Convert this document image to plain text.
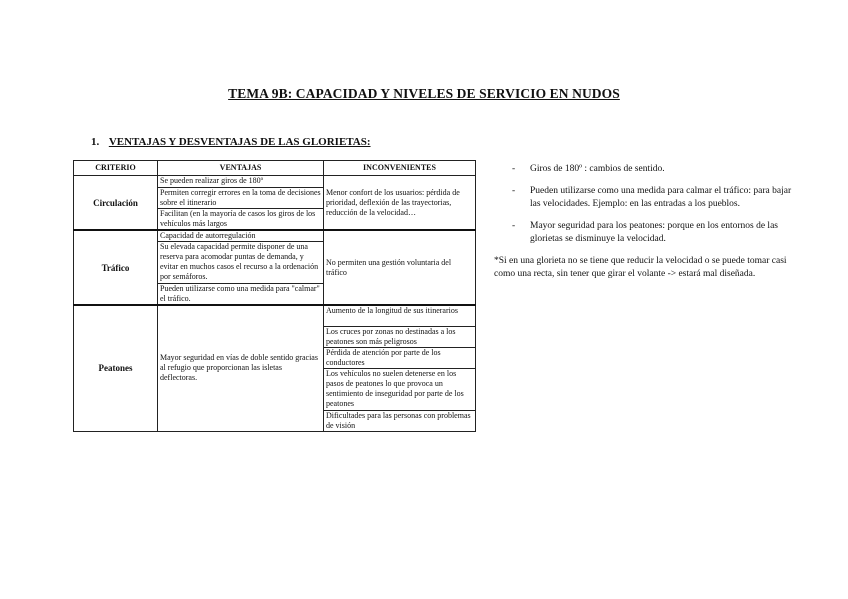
TEMA 9B: CAPACIDAD Y NIVELES DE SERVICIO EN NUDOS
1. VENTAJAS Y DESVENTAJAS DE LAS GLORIETAS:
CRITERIO	VENTAJAS	INCONVENIENTES
Circulación	Se pueden realizar giros de 180º	Menor confort de los usuarios: pérdida de prioridad, deflexión de las trayectorias, reducción de la velocidad…
	Permiten corregir errores en la toma de decisiones sobre el itinerario	
	Facilitan (en la mayoría de casos los giros de los vehículos más largos	
Tráfico	Capacidad de autorregulación	No permiten una gestión voluntaria del tráfico
	Su elevada capacidad permite disponer de una reserva para acomodar puntas de demanda, y evitar en muchos casos el recurso a la ordenación por semáforos.	
	Pueden utilizarse como una medida para "calmar" el tráfico.	
Peatones	Mayor seguridad en vías de doble sentido gracias al refugio que proporcionan las isletas deflectoras.	Aumento de la longitud de sus itinerarios
		Los cruces por zonas no destinadas a los peatones son más peligrosos
		Pérdida de atención por parte de los conductores
		Los vehículos no suelen detenerse en los pasos de peatones lo que provoca un sentimiento de inseguridad por parte de los peatones
		Dificultades para las personas con problemas de visión
- Giros de 180º : cambios de sentido.
- Pueden utilizarse como una medida para calmar el tráfico: para bajar las velocidades. Ejemplo: en las entradas a los pueblos.
- Mayor seguridad para los peatones: porque en los entornos de las glorietas se disminuye la velocidad.
*Si en una glorieta no se tiene que reducir la velocidad o se puede tomar casi como una recta, sin tener que girar el volante -> estará mal diseñada.
